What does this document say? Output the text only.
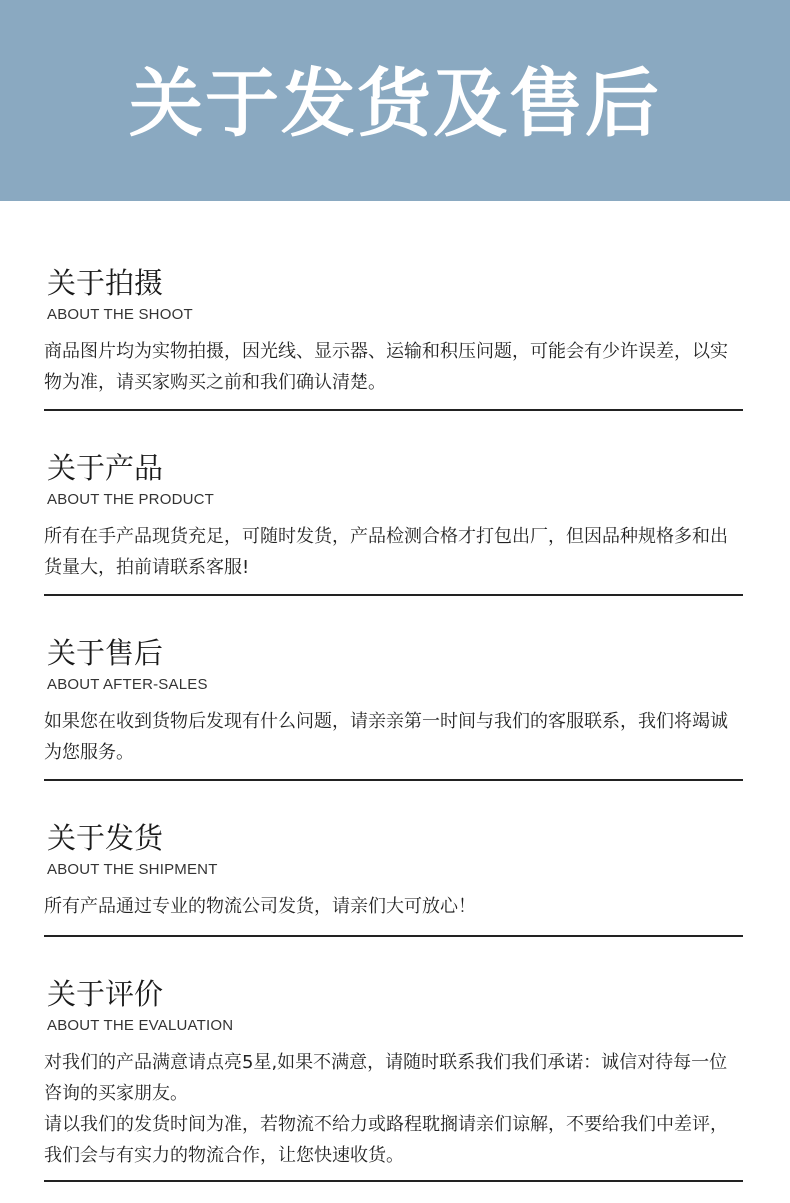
关于发货及售后
关于拍摄
ABOUT THE SHOOT

商品图片均为实物拍摄，因光线、显示器、运输和积压问题，可能会有少许误差，以实物为准，请买家购买之前和我们确认清楚。

关于产品
ABOUT THE PRODUCT

所有在手产品现货充足，可随时发货，产品检测合格才打包出厂，但因品种规格多和出货量大，拍前请联系客服!

关于售后
ABOUT AFTER-SALES

如果您在收到货物后发现有什么问题，请亲亲第一时间与我们的客服联系，我们将竭诚为您服务。

关于发货
ABOUT THE SHIPMENT

所有产品通过专业的物流公司发货，请亲们大可放心！

关于评价
ABOUT THE EVALUATION

对我们的产品满意请点亮5星,如果不满意，请随时联系我们我们承诺：诚信对待每一位咨询的买家朋友。

请以我们的发货时间为准，若物流不给力或路程耽搁请亲们谅解，不要给我们中差评，我们会与有实力的物流合作，让您快速收货。
